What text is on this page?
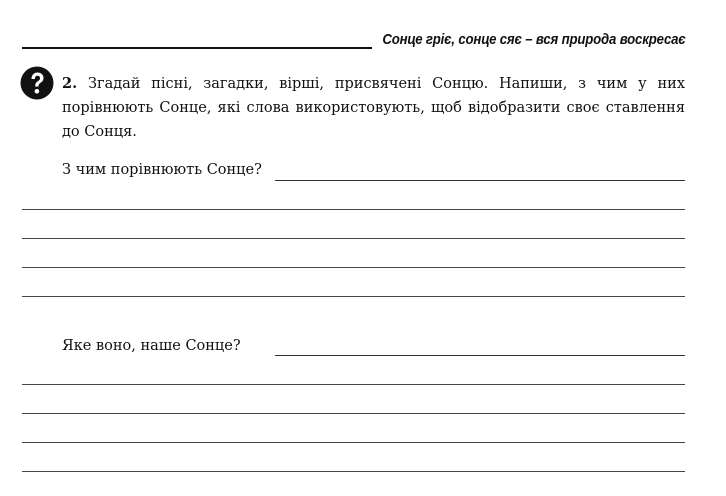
Сонце гріє, сонце сяє – вся природа воскресає
2. Згадай пісні, загадки, вірші, присвячені Сонцю. Напиши, з чим у них порівнюють Сонце, які слова використовують, щоб відобразити своє ставлення до Сонця.
З чим порівнюють Сонце?
Яке воно, наше Сонце?
